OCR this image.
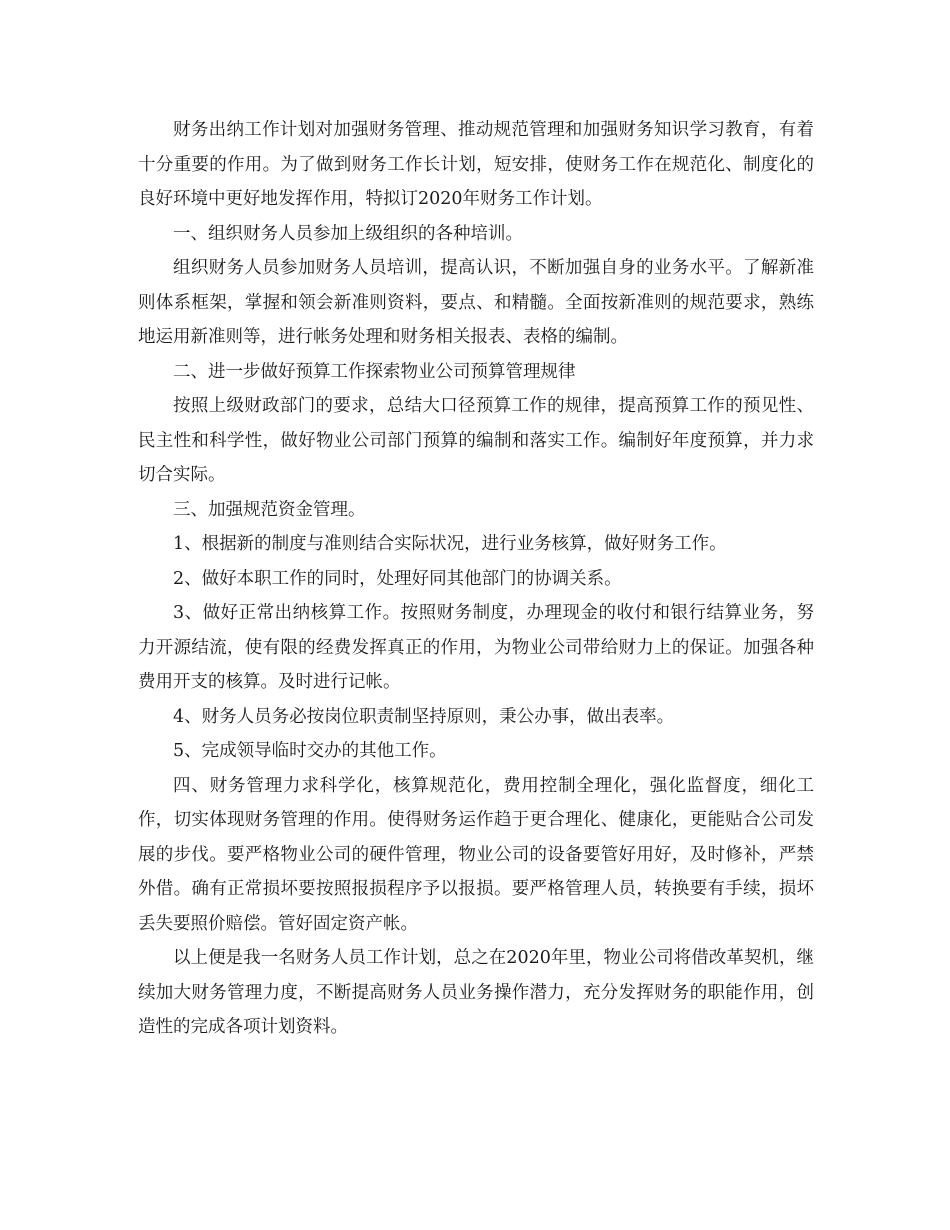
财务出纳工作计划对加强财务管理、推动规范管理和加强财务知识学习教育，有着十分重要的作用。为了做到财务工作长计划，短安排，使财务工作在规范化、制度化的良好环境中更好地发挥作用，特拟订2020年财务工作计划。

一、组织财务人员参加上级组织的各种培训。

组织财务人员参加财务人员培训，提高认识，不断加强自身的业务水平。了解新准则体系框架，掌握和领会新准则资料，要点、和精髓。全面按新准则的规范要求，熟练地运用新准则等，进行帐务处理和财务相关报表、表格的编制。

二、进一步做好预算工作探索物业公司预算管理规律

按照上级财政部门的要求，总结大口径预算工作的规律，提高预算工作的预见性、民主性和科学性，做好物业公司部门预算的编制和落实工作。编制好年度预算，并力求切合实际。

三、加强规范资金管理。

1、根据新的制度与准则结合实际状况，进行业务核算，做好财务工作。

2、做好本职工作的同时，处理好同其他部门的协调关系。

3、做好正常出纳核算工作。按照财务制度，办理现金的收付和银行结算业务，努力开源结流，使有限的经费发挥真正的作用，为物业公司带给财力上的保证。加强各种费用开支的核算。及时进行记帐。

4、财务人员务必按岗位职责制坚持原则，秉公办事，做出表率。

5、完成领导临时交办的其他工作。

四、财务管理力求科学化，核算规范化，费用控制全理化，强化监督度，细化工作，切实体现财务管理的作用。使得财务运作趋于更合理化、健康化，更能贴合公司发展的步伐。要严格物业公司的硬件管理，物业公司的设备要管好用好，及时修补，严禁外借。确有正常损坏要按照报损程序予以报损。要严格管理人员，转换要有手续，损坏丢失要照价赔偿。管好固定资产帐。

以上便是我一名财务人员工作计划，总之在2020年里，物业公司将借改革契机，继续加大财务管理力度，不断提高财务人员业务操作潜力，充分发挥财务的职能作用，创造性的完成各项计划资料。
